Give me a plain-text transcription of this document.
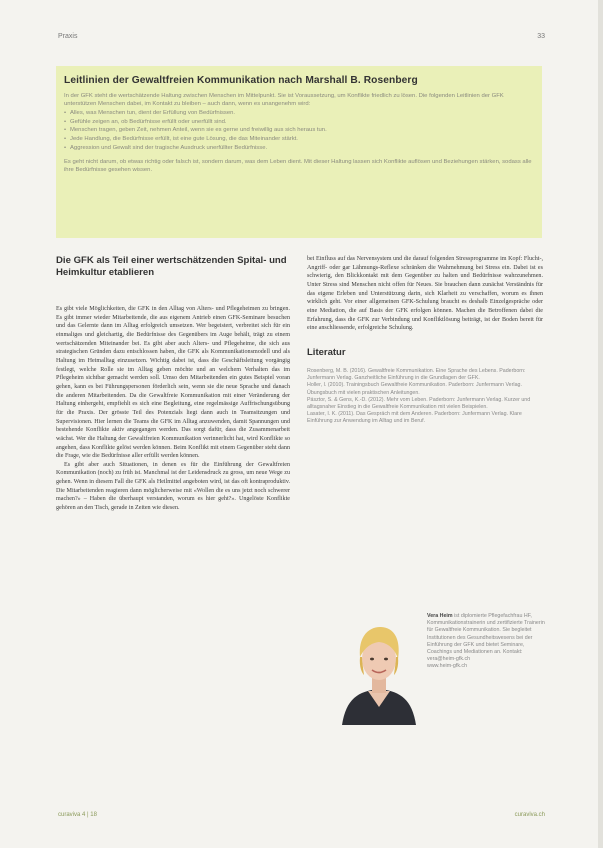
Praxis	33
Leitlinien der Gewaltfreien Kommunikation nach Marshall B. Rosenberg

In der GFK steht die wertschätzende Haltung zwischen Menschen im Mittelpunkt. Sie ist Voraussetzung, um Konflikte friedlich zu lösen. Die folgenden Leitlinien der GFK unterstützen Menschen dabei, im Kontakt zu bleiben – auch dann, wenn es unangenehm wird:

• Alles, was Menschen tun, dient der Erfüllung von Bedürfnissen.
• Gefühle zeigen an, ob Bedürfnisse erfüllt oder unerfüllt sind.
• Menschen tragen, geben Zeit, nehmen Anteil, wenn sie es gerne und freiwillig aus sich heraus tun.
• Jede Handlung, die Bedürfnisse erfüllt, ist eine gute Lösung, die das Miteinander stärkt.
• Aggression und Gewalt sind der tragische Ausdruck unerfüllter Bedürfnisse.

Es geht nicht darum, ob etwas richtig oder falsch ist, sondern darum, was dem Leben dient. Mit dieser Haltung lassen sich Konflikte auflösen und Beziehungen stärken, sodass alle ihre Bedürfnisse gesehen wissen.

Die GFK als Teil einer wertschätzenden Spital- und Heimkultur etablieren

Es gibt viele Möglichkeiten, die GFK in den Alltag von Alters- und Pflegeheimen zu bringen. Es gibt immer wieder Mitarbeitende, die aus eigenem Antrieb einen GFK-Seminare besuchen und das Gelernte dann im Alltag erfolgreich umsetzen. Wer begeistert, verbreitet sich für ein einmaliges und gleichartig, die Bedürfnisse des Gegenübers im Auge behält, trägt zu einem wertschätzenden Miteinander bei. Es gibt aber auch Alters- und Pflegeheime, die sich aus strategischen Gründen dazu entschlossen haben, die GFK als Kommunikationsmodell und als Haltung im Heimalltag einzusetzen. Wichtig dabei ist, dass die Geschäftsleitung vorgängig festlegt, welche Rolle sie im Alltag geben möchte und an welchem Verhalten das im Pflegeheim sichtbar gemacht werden soll. Umso den Mitarbeitenden ein gutes Beispiel voran gehen, kann es bei Führungspersonen förderlich sein, wenn sie die neue Sprache und danach die anderen Mitarbeitenden. Da die Gewaltfreie Kommunikation mit einer Veränderung der Haltung einhergeht, empfiehlt es sich eine Begleitung, eine regelmässige Auffrischungsübung für die Praxis. Der grösste Teil des Potenzials liegt dann auch in Teamsitzungen und Supervisionen. Hier lernen die Teams die GFK im Alltag anzuwenden, damit Spannungen und bestehende Konflikte aktiv angegangen werden. Das sorgt dafür, dass die Zusammenarbeit wächst. Wer die Haltung der Gewaltfreien Kommunikation verinnerlicht hat, wird Konflikte so angehen, dass Konflikte gelöst werden können. Beim Konflikt mit einem Gegenüber steht dann die Frage, wie die Bedürfnisse aller erfüllt werden können.

Es gibt aber auch Situationen, in denen es für die Einführung der Gewaltfreien Kommunikation (noch) zu früh ist. Manchmal ist der Leidensdruck zu gross, um neue Wege zu gehen. Wenn in diesem Fall die GFK als Heilmittel angeboten wird, ist das oft kontraproduktiv. Die Mitarbeitenden reagieren dann möglicherweise mit «Wollen die es uns jetzt noch schwerer machen?» – Haben die überhaupt verstanden, worum es hier geht?». Ungelöste Konflikte gehören an den Tisch, gerade in Zeiten wie diesen.

bei Einfluss auf das Nervensystem und die darauf folgenden Stressprogramme im Kopf: Flucht-, Angriff- oder gar Lähmungs-Reflexe schränken die Wahrnehmung bei Stress ein. Dabei ist es schwierig, den Blickkontakt mit dem Gegenüber zu halten und Bedürfnisse wahrzunehmen. Unter Stress sind Menschen nicht offen für Neues. Sie brauchen dann zunächst Verständnis für das eigene Erleben und Unterstützung darin, sich Klarheit zu verschaffen, worum es ihnen wirklich geht. Vor einer allgemeinen GFK-Schulung braucht es deshalb Einzelgespräche oder eine Mediation, die auf Basis der GFK erfolgen können. Machen die Betroffenen dabei die Erfahrung, dass die GFK zur Verbindung und Konfliktlösung beiträgt, ist der Boden bereit für eine anschliessende, erfolgreiche Schulung.

Literatur

Rosenberg, M. B. (2016). Gewaltfreie Kommunikation. Eine Sprache des Lebens. Paderborn: Junfermann Verlag. Ganzheitliche Einführung in die Grundlagen der GFK.

Holler, I. (2010). Trainingsbuch Gewaltfreie Kommunikation. Paderborn: Junfermann Verlag. Übungsbuch mit vielen praktischen Anleitungen.

Pásztor, S. & Gens, K.-D. (2012). Mehr vom Leben. Paderborn: Junfermann Verlag. Kurzer und alltagsnaher Einstieg in die Gewaltfreie Kommunikation mit vielen Beispielen.

Lasater, I. K. (2011). Das Gespräch mit dem Anderen. Paderborn: Junfermann Verlag. Klare Einführung zur Anwendung im Alltag und im Beruf.

Vera Heim ist diplomierte Pflegefachfrau HF, Kommunikationstrainerin und zertifizierte Trainerin für Gewaltfreie Kommunikation. Sie begleitet Institutionen des Gesundheitswesens bei der Einführung der GFK und bietet Seminare, Coachings und Mediationen an. Kontakt: vera@heim-gfk.ch
www.heim-gfk.ch
curaviva 4 | 18	curaviva.ch
